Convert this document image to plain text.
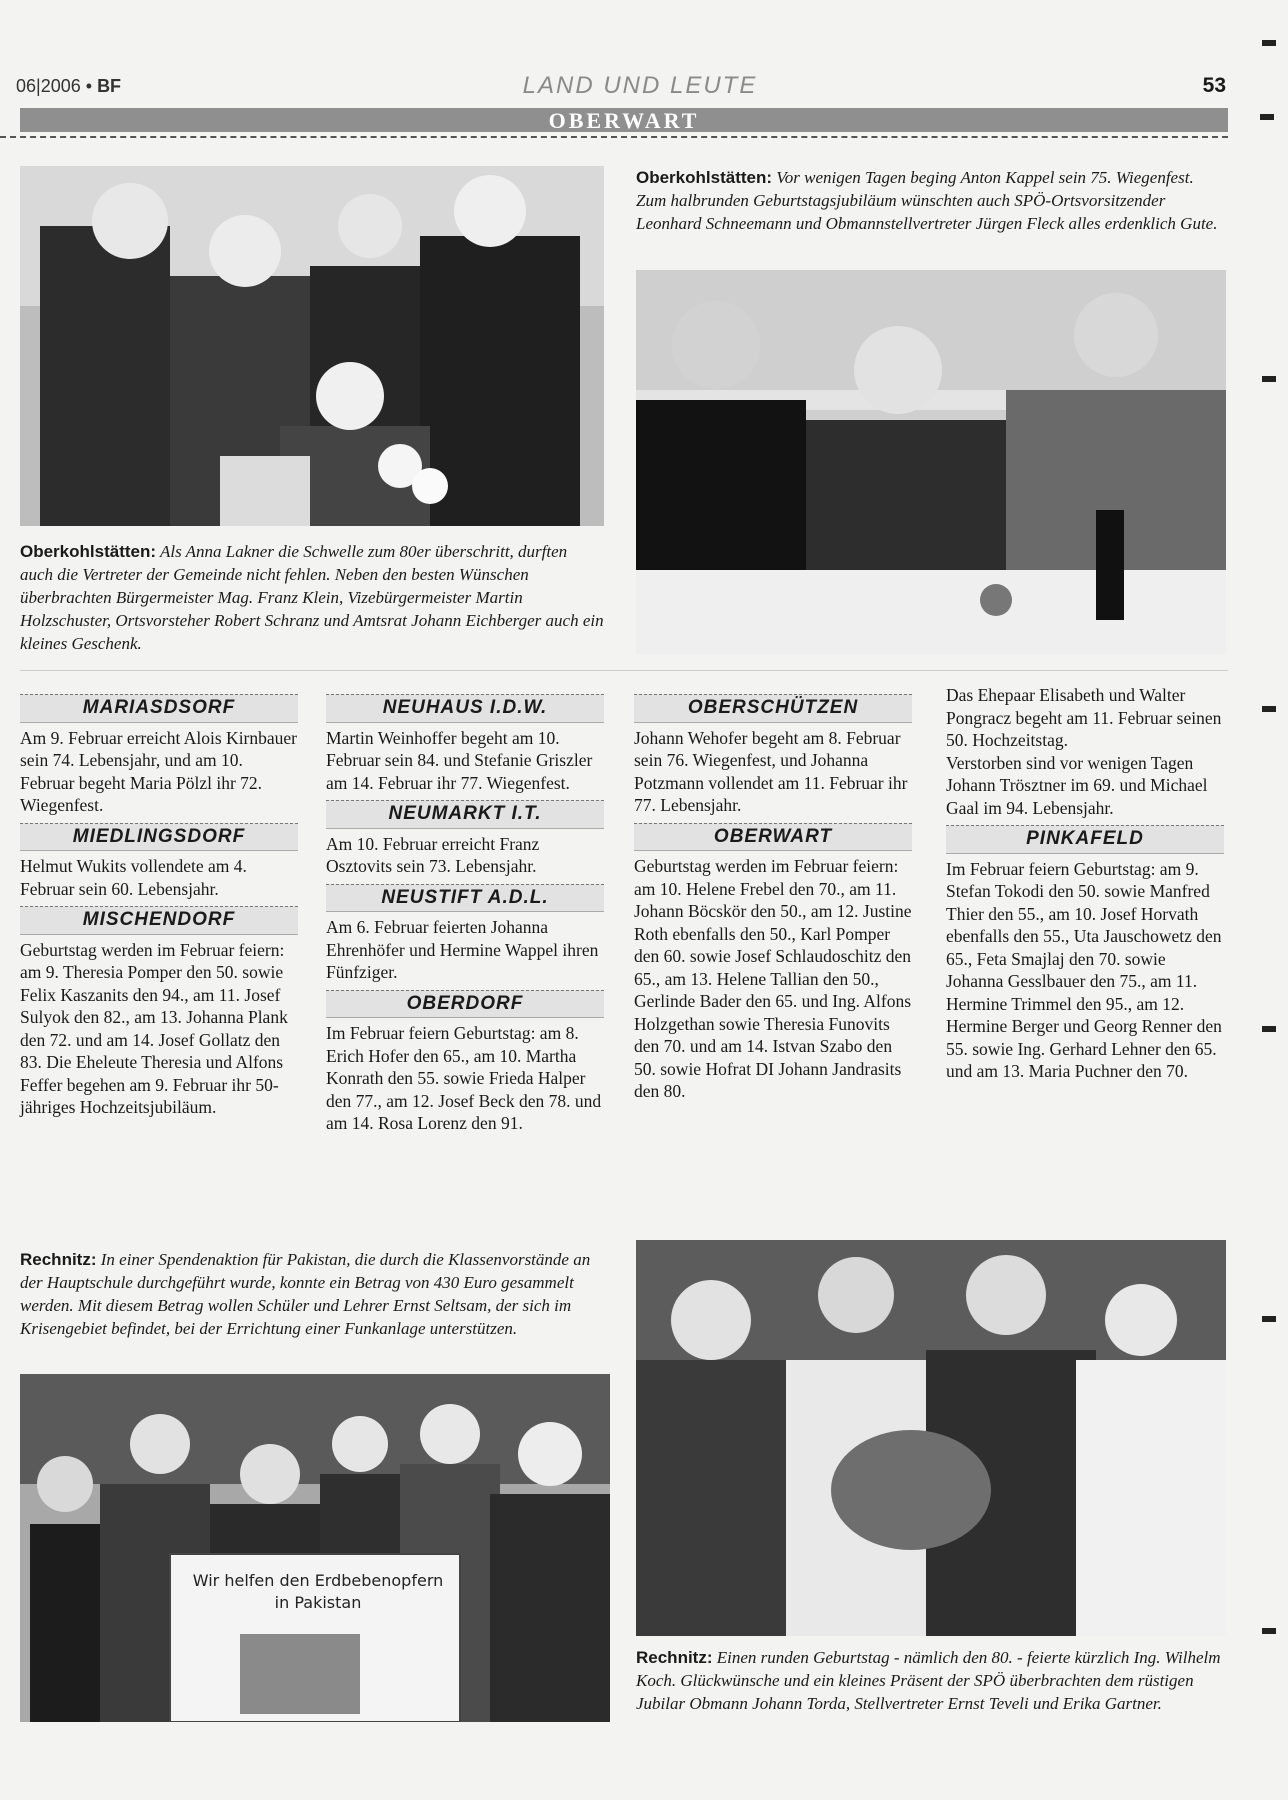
06|2006 • BF	LAND UND LEUTE	53
OBERWART
Oberkohlstätten: Als Anna Lakner die Schwelle zum 80er überschritt, durften auch die Vertreter der Gemeinde nicht fehlen. Neben den besten Wünschen überbrachten Bürgermeister Mag. Franz Klein, Vizebürgermeister Martin Holzschuster, Ortsvorsteher Robert Schranz und Amtsrat Johann Eichberger auch ein kleines Geschenk.
Oberkohlstätten: Vor wenigen Tagen beging Anton Kappel sein 75. Wiegenfest. Zum halbrunden Geburtstagsjubiläum wünschten auch SPÖ-Ortsvorsitzender Leonhard Schneemann und Obmannstellvertreter Jürgen Fleck alles erdenklich Gute.
MARIASDSORF
Am 9. Februar erreicht Alois Kirnbauer sein 74. Lebensjahr, und am 10. Februar begeht Maria Pölzl ihr 72. Wiegenfest.
MIEDLINGSDORF
Helmut Wukits vollendete am 4. Februar sein 60. Lebensjahr.
MISCHENDORF
Geburtstag werden im Februar feiern: am 9. Theresia Pomper den 50. sowie Felix Kaszanits den 94., am 11. Josef Sulyok den 82., am 13. Johanna Plank den 72. und am 14. Josef Gollatz den 83. Die Eheleute Theresia und Alfons Feffer begehen am 9. Februar ihr 50-jähriges Hochzeitsjubiläum.
NEUHAUS I.D.W.
Martin Weinhoffer begeht am 10. Februar sein 84. und Stefanie Griszler am 14. Februar ihr 77. Wiegenfest.
NEUMARKT I.T.
Am 10. Februar erreicht Franz Osztovits sein 73. Lebensjahr.
NEUSTIFT A.D.L.
Am 6. Februar feierten Johanna Ehrenhöfer und Hermine Wappel ihren Fünfziger.
OBERDORF
Im Februar feiern Geburtstag: am 8. Erich Hofer den 65., am 10. Martha Konrath den 55. sowie Frieda Halper den 77., am 12. Josef Beck den 78. und am 14. Rosa Lorenz den 91.
OBERSCHÜTZEN
Johann Wehofer begeht am 8. Februar sein 76. Wiegenfest, und Johanna Potzmann vollendet am 11. Februar ihr 77. Lebensjahr.
OBERWART
Geburtstag werden im Februar feiern: am 10. Helene Frebel den 70., am 11. Johann Böcskör den 50., am 12. Justine Roth ebenfalls den 50., Karl Pomper den 60. sowie Josef Schlaudoschitz den 65., am 13. Helene Tallian den 50., Gerlinde Bader den 65. und Ing. Alfons Holzgethan sowie Theresia Funovits den 70. und am 14. Istvan Szabo den 50. sowie Hofrat DI Johann Jandrasits den 80.
Das Ehepaar Elisabeth und Walter Pongracz begeht am 11. Februar seinen 50. Hochzeitstag.
Verstorben sind vor wenigen Tagen Johann Trösztner im 69. und Michael Gaal im 94. Lebensjahr.
PINKAFELD
Im Februar feiern Geburtstag: am 9. Stefan Tokodi den 50. sowie Manfred Thier den 55., am 10. Josef Horvath ebenfalls den 55., Uta Jauschowetz den 65., Feta Smajlaj den 70. sowie Johanna Gesslbauer den 75., am 11. Hermine Trimmel den 95., am 12. Hermine Berger und Georg Renner den 55. sowie Ing. Gerhard Lehner den 65. und am 13. Maria Puchner den 70.
Rechnitz: In einer Spendenaktion für Pakistan, die durch die Klassenvorstände an der Hauptschule durchgeführt wurde, konnte ein Betrag von 430 Euro gesammelt werden. Mit diesem Betrag wollen Schüler und Lehrer Ernst Seltsam, der sich im Krisengebiet befindet, bei der Errichtung einer Funkanlage unterstützen.
Wir helfen den Erdbebenopfern
in Pakistan
Rechnitz: Einen runden Geburtstag - nämlich den 80. - feierte kürzlich Ing. Wilhelm Koch. Glückwünsche und ein kleines Präsent der SPÖ überbrachten dem rüstigen Jubilar Obmann Johann Torda, Stellvertreter Ernst Teveli und Erika Gartner.
